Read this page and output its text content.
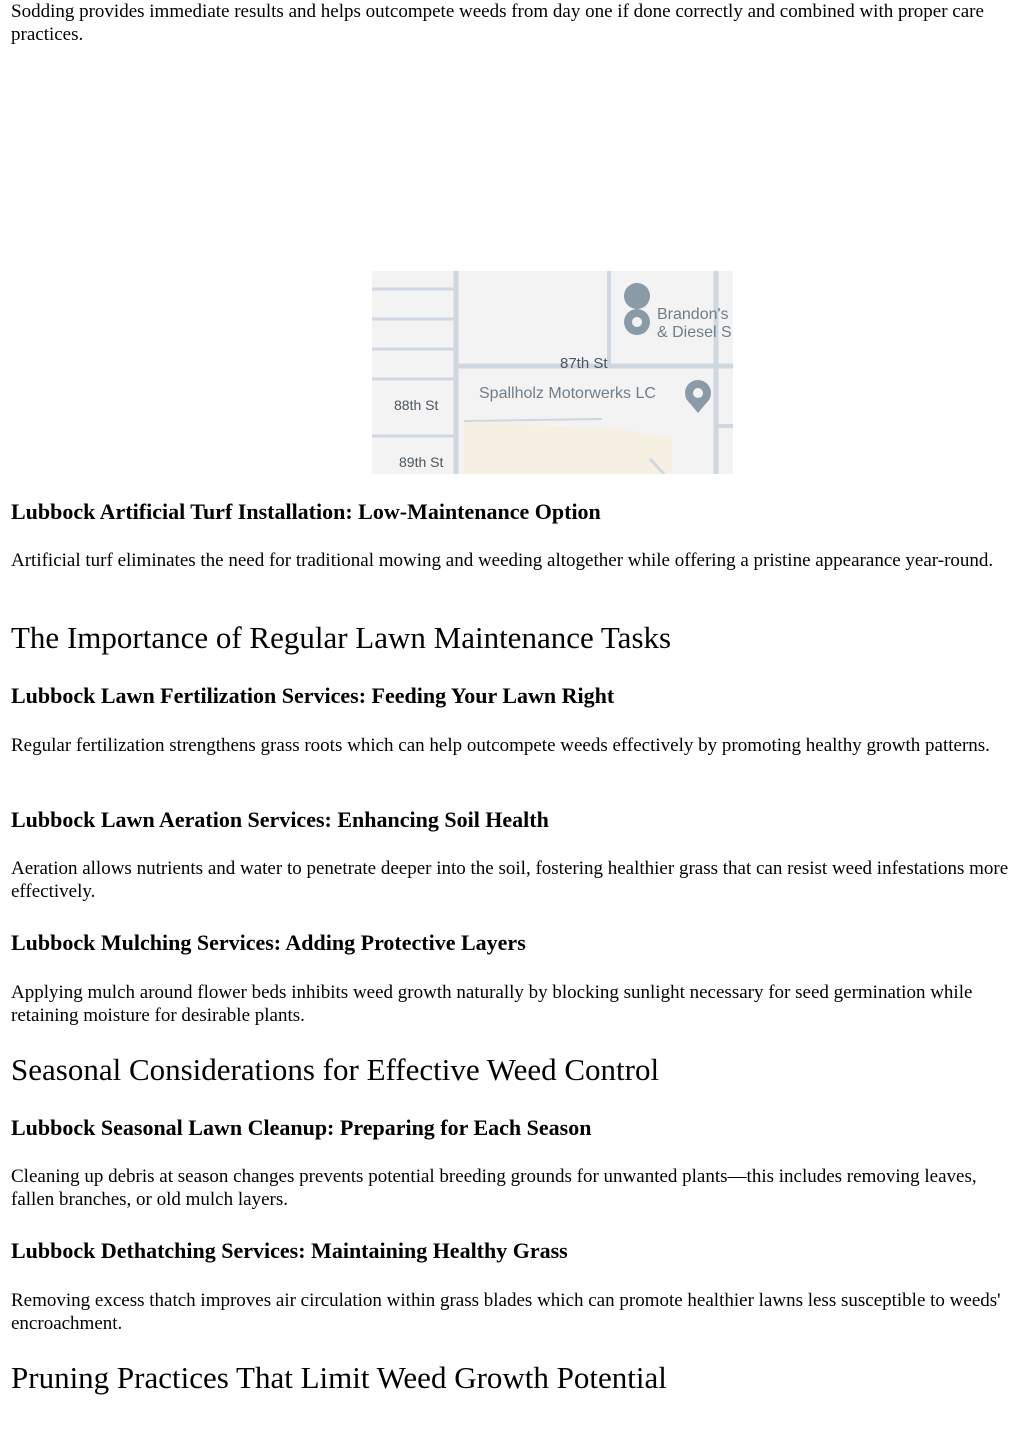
Sodding provides immediate results and helps outcompete weeds from day one if done correctly and combined with proper care practices.

87th St
88th St
89th St
Brandon's
& Diesel S
Spallholz Motorwerks LC
Lubbock Artificial Turf Installation: Low-Maintenance Option

Artificial turf eliminates the need for traditional mowing and weeding altogether while offering a pristine appearance year-round.

The Importance of Regular Lawn Maintenance Tasks
Lubbock Lawn Fertilization Services: Feeding Your Lawn Right

Regular fertilization strengthens grass roots which can help outcompete weeds effectively by promoting healthy growth patterns.

Lubbock Lawn Aeration Services: Enhancing Soil Health

Aeration allows nutrients and water to penetrate deeper into the soil, fostering healthier grass that can resist weed infestations more effectively.

Lubbock Mulching Services: Adding Protective Layers

Applying mulch around flower beds inhibits weed growth naturally by blocking sunlight necessary for seed germination while retaining moisture for desirable plants.

Seasonal Considerations for Effective Weed Control
Lubbock Seasonal Lawn Cleanup: Preparing for Each Season

Cleaning up debris at season changes prevents potential breeding grounds for unwanted plants—this includes removing leaves, fallen branches, or old mulch layers.

Lubbock Dethatching Services: Maintaining Healthy Grass

Removing excess thatch improves air circulation within grass blades which can promote healthier lawns less susceptible to weeds' encroachment.

Pruning Practices That Limit Weed Growth Potential
